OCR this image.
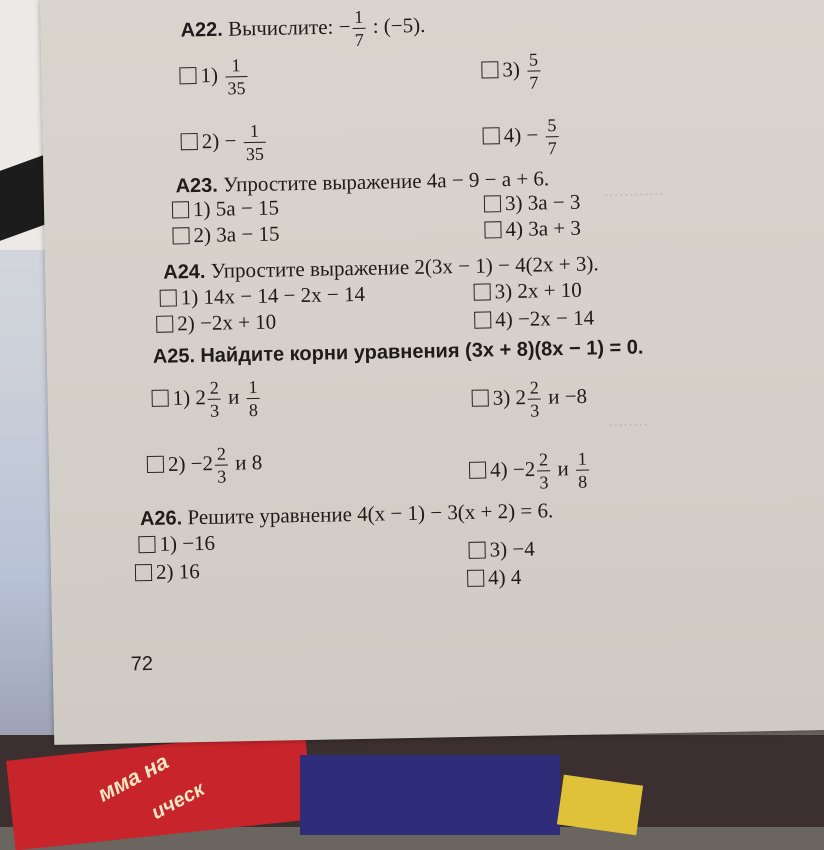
мма на
ическ
............
........
А22. Вычислите: − $\frac{1}{7}$ : (−5).
$1) \frac{1}{35}$	$3) \frac{5}{7}$
$2) - \frac{1}{35}$	$4) - \frac{5}{7}$
А23. Упростите выражение 4a − 9 − a + 6.
1) 5a − 15	3) 3a − 3
2) 3a − 15	4) 3a + 3
А24. Упростите выражение 2(3x − 1) − 4(2x + 3).
1) 14x − 14 − 2x − 14	3) 2x + 10
2) −2x + 10	4) −2x − 14
А25. Найдите корни уравнения (3x + 8)(8x − 1) = 0.
1) $2 \frac{2}{3}$ и $\frac{1}{8}$	3) $2 \frac{2}{3}$ и −8
$2) -2 \frac{2}{3}$ и 8	$4) -2 \frac{2}{3}$ и $\frac{1}{8}$
А26. Решите уравнение 4(x − 1) − 3(x + 2) = 6.
1) −16	3) −4
2) 16	4) 4
72
